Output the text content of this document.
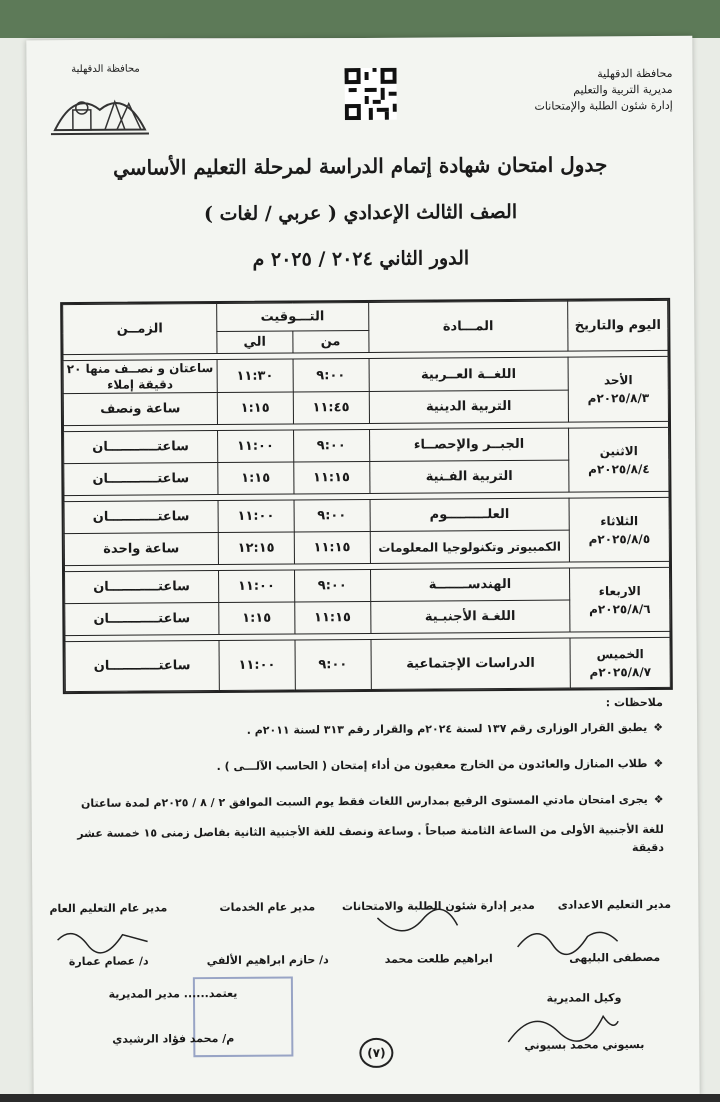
محافظة الدقهلية
مديرية التربية والتعليم
إدارة شئون الطلبة والإمتحانات
محافظة الدقهلية
جدول امتحان شهادة إتمام الدراسة لمرحلة التعليم الأساسي
الصف الثالث الإعدادي ( عربي / لغات )
الدور الثاني ٢٠٢٤ / ٢٠٢٥ م
اليوم والتاريخ	المـــادة	التـــوقيت		الزمــن
		من	الي	

الأحد
٢٠٢٥/٨/٣م	اللغــة العــربية	٩:٠٠	١١:٣٠	ساعتان و نصــف منها ٢٠ دقيقة إملاء
	التربية الدينية	١١:٤٥	١:١٥	ساعة ونصف

الاثنين
٢٠٢٥/٨/٤م	الجبــر والإحصــاء	٩:٠٠	١١:٠٠	ساعتـــــــــــان
	التربية الفـنية	١١:١٥	١:١٥	ساعتـــــــــــان

الثلاثاء
٢٠٢٥/٨/٥م	العلـــــــــوم	٩:٠٠	١١:٠٠	ساعتـــــــــــان
	الكمبيوتر وتكنولوجيا المعلومات	١١:١٥	١٢:١٥	ساعة واحدة

الاربعاء
٢٠٢٥/٨/٦م	الهندســـــــة	٩:٠٠	١١:٠٠	ساعتـــــــــــان
	اللغـة الأجنبـية	١١:١٥	١:١٥	ساعتـــــــــــان

الخميس
٢٠٢٥/٨/٧م	الدراسات الإجتماعية	٩:٠٠	١١:٠٠	ساعتـــــــــــان
ملاحظات :
❖يطبق القرار الوزارى رقم ١٣٧ لسنة ٢٠٢٤م والقرار رقم ٣١٣ لسنة ٢٠١١م .
❖طلاب المنازل والعائدون من الخارج معفيون من أداء إمتحان ( الحاسب الآلـــى ) .
❖يجرى امتحان مادتي المستوى الرفيع بمدارس اللغات فقط يوم السبت الموافق ٢ / ٨ / ٢٠٢٥م لمدة ساعتان
للغة الأجنبية الأولى من الساعة الثامنة صباحاً . وساعة ونصف للغة الأجنبية الثانية بفاصل زمنى ١٥ خمسة عشر دقيقة
مدير التعليم الاعدادى
مصطفى البليهى
مدير إدارة شئون الطلبة والامتحانات
ابراهيم طلعت محمد
مدير عام الخدمات
د/ حازم ابراهيم الألفي
مدير عام التعليم العام
د/ عصام عمارة
وكيل المديرية
بسيوني محمد بسيوني
يعتمد...... مدير المديرية
م/ محمد فؤاد الرشيدي
(٧)
